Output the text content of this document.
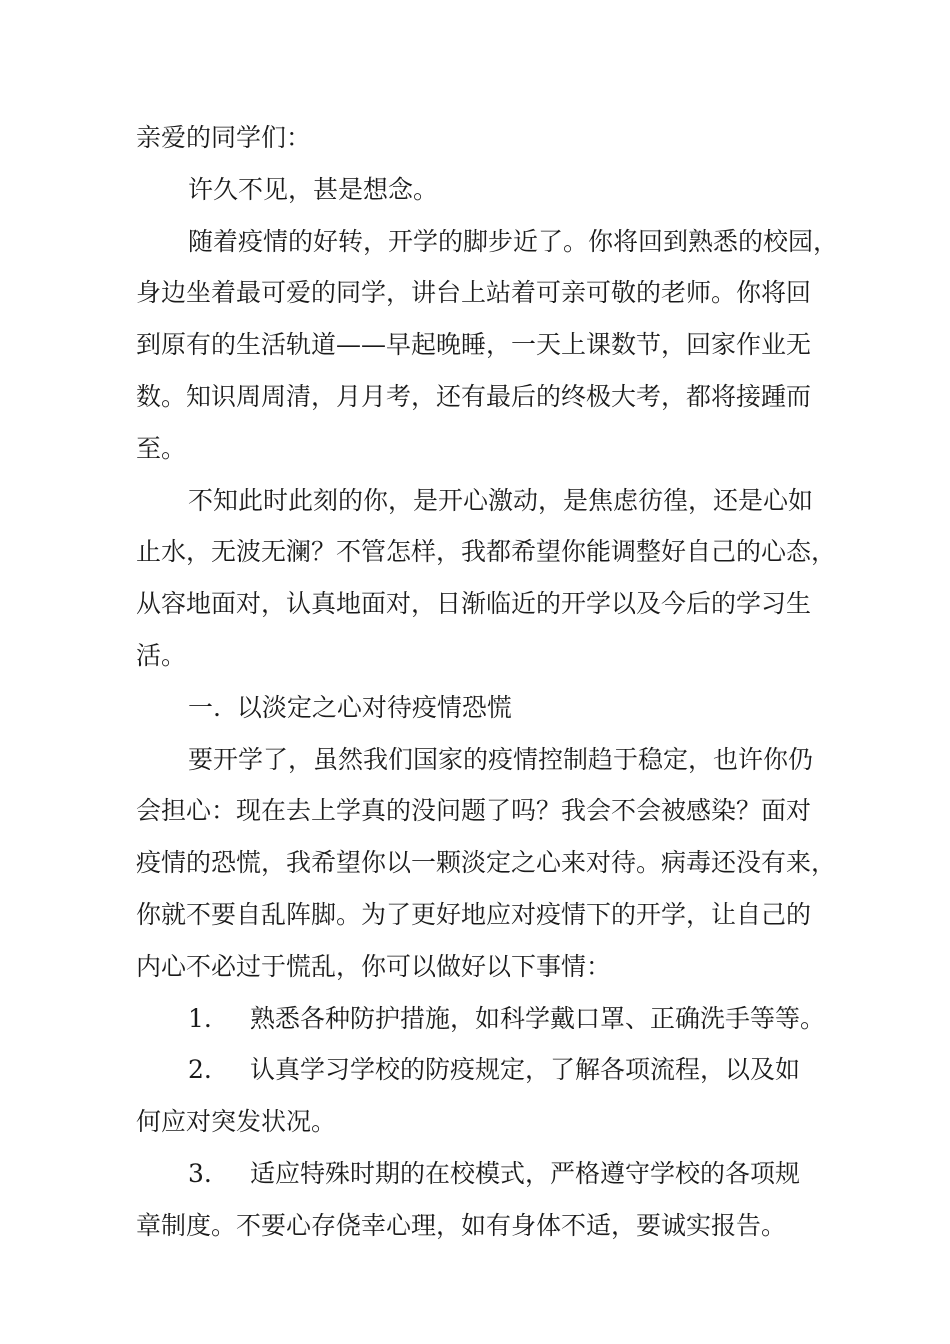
亲爱的同学们：
许久不见，甚是想念。
随着疫情的好转，开学的脚步近了。你将回到熟悉的校园，
身边坐着最可爱的同学，讲台上站着可亲可敬的老师。你将回
到原有的生活轨道——早起晚睡，一天上课数节，回家作业无
数。知识周周清，月月考，还有最后的终极大考，都将接踵而
至。
不知此时此刻的你，是开心激动，是焦虑彷徨，还是心如
止水，无波无澜？不管怎样，我都希望你能调整好自己的心态，
从容地面对，认真地面对，日渐临近的开学以及今后的学习生
活。
一.  以淡定之心对待疫情恐慌
要开学了，虽然我们国家的疫情控制趋于稳定，也许你仍
会担心：现在去上学真的没问题了吗？我会不会被感染？面对
疫情的恐慌，我希望你以一颗淡定之心来对待。病毒还没有来，
你就不要自乱阵脚。为了更好地应对疫情下的开学，让自己的
内心不必过于慌乱，你可以做好以下事情：
1. 熟悉各种防护措施，如科学戴口罩、正确洗手等等。
2. 认真学习学校的防疫规定，了解各项流程，以及如
何应对突发状况。
3. 适应特殊时期的在校模式，严格遵守学校的各项规
章制度。不要心存侥幸心理，如有身体不适，要诚实报告。
